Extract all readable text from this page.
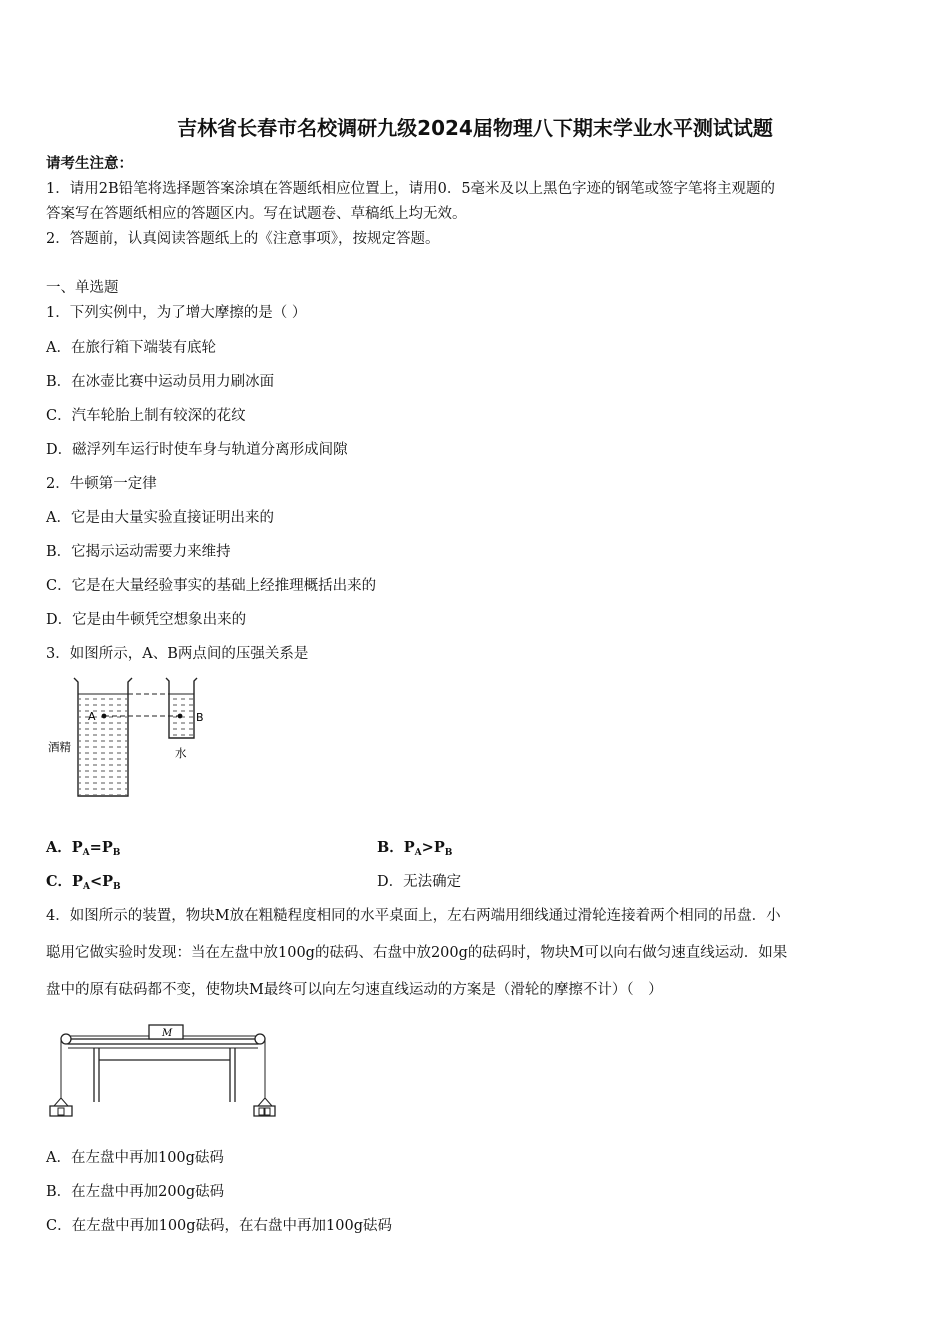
吉林省长春市名校调研九级2024届物理八下期末学业水平测试试题
请考生注意：
1．请用2B铅笔将选择题答案涂填在答题纸相应位置上，请用0．5毫米及以上黑色字迹的钢笔或签字笔将主观题的
答案写在答题纸相应的答题区内。写在试题卷、草稿纸上均无效。
2．答题前，认真阅读答题纸上的《注意事项》，按规定答题。
一、单选题
1．下列实例中，为了增大摩擦的是（ ）
A．在旅行箱下端装有底轮
B．在冰壶比赛中运动员用力刷冰面
C．汽车轮胎上制有较深的花纹
D．磁浮列车运行时使车身与轨道分离形成间隙
2．牛顿第一定律
A．它是由大量实验直接证明出来的
B．它揭示运动需要力来维持
C．它是在大量经验事实的基础上经推理概括出来的
D．它是由牛顿凭空想象出来的
3．如图所示，A、B两点间的压强关系是
A	B
酒精	水
A．$P_A=P_B$	B．$P_A>P_B$
C．$P_A<P_B$	D．无法确定
4．如图所示的装置，物块M放在粗糙程度相同的水平桌面上，左右两端用细线通过滑轮连接着两个相同的吊盘．小
聪用它做实验时发现：当在左盘中放100g的砝码、右盘中放200g的砝码时，物块M可以向右做匀速直线运动．如果
盘中的原有砝码都不变，使物块M最终可以向左匀速直线运动的方案是（滑轮的摩擦不计）（　）
M
A．在左盘中再加100g砝码
B．在左盘中再加200g砝码
C．在左盘中再加100g砝码，在右盘中再加100g砝码
